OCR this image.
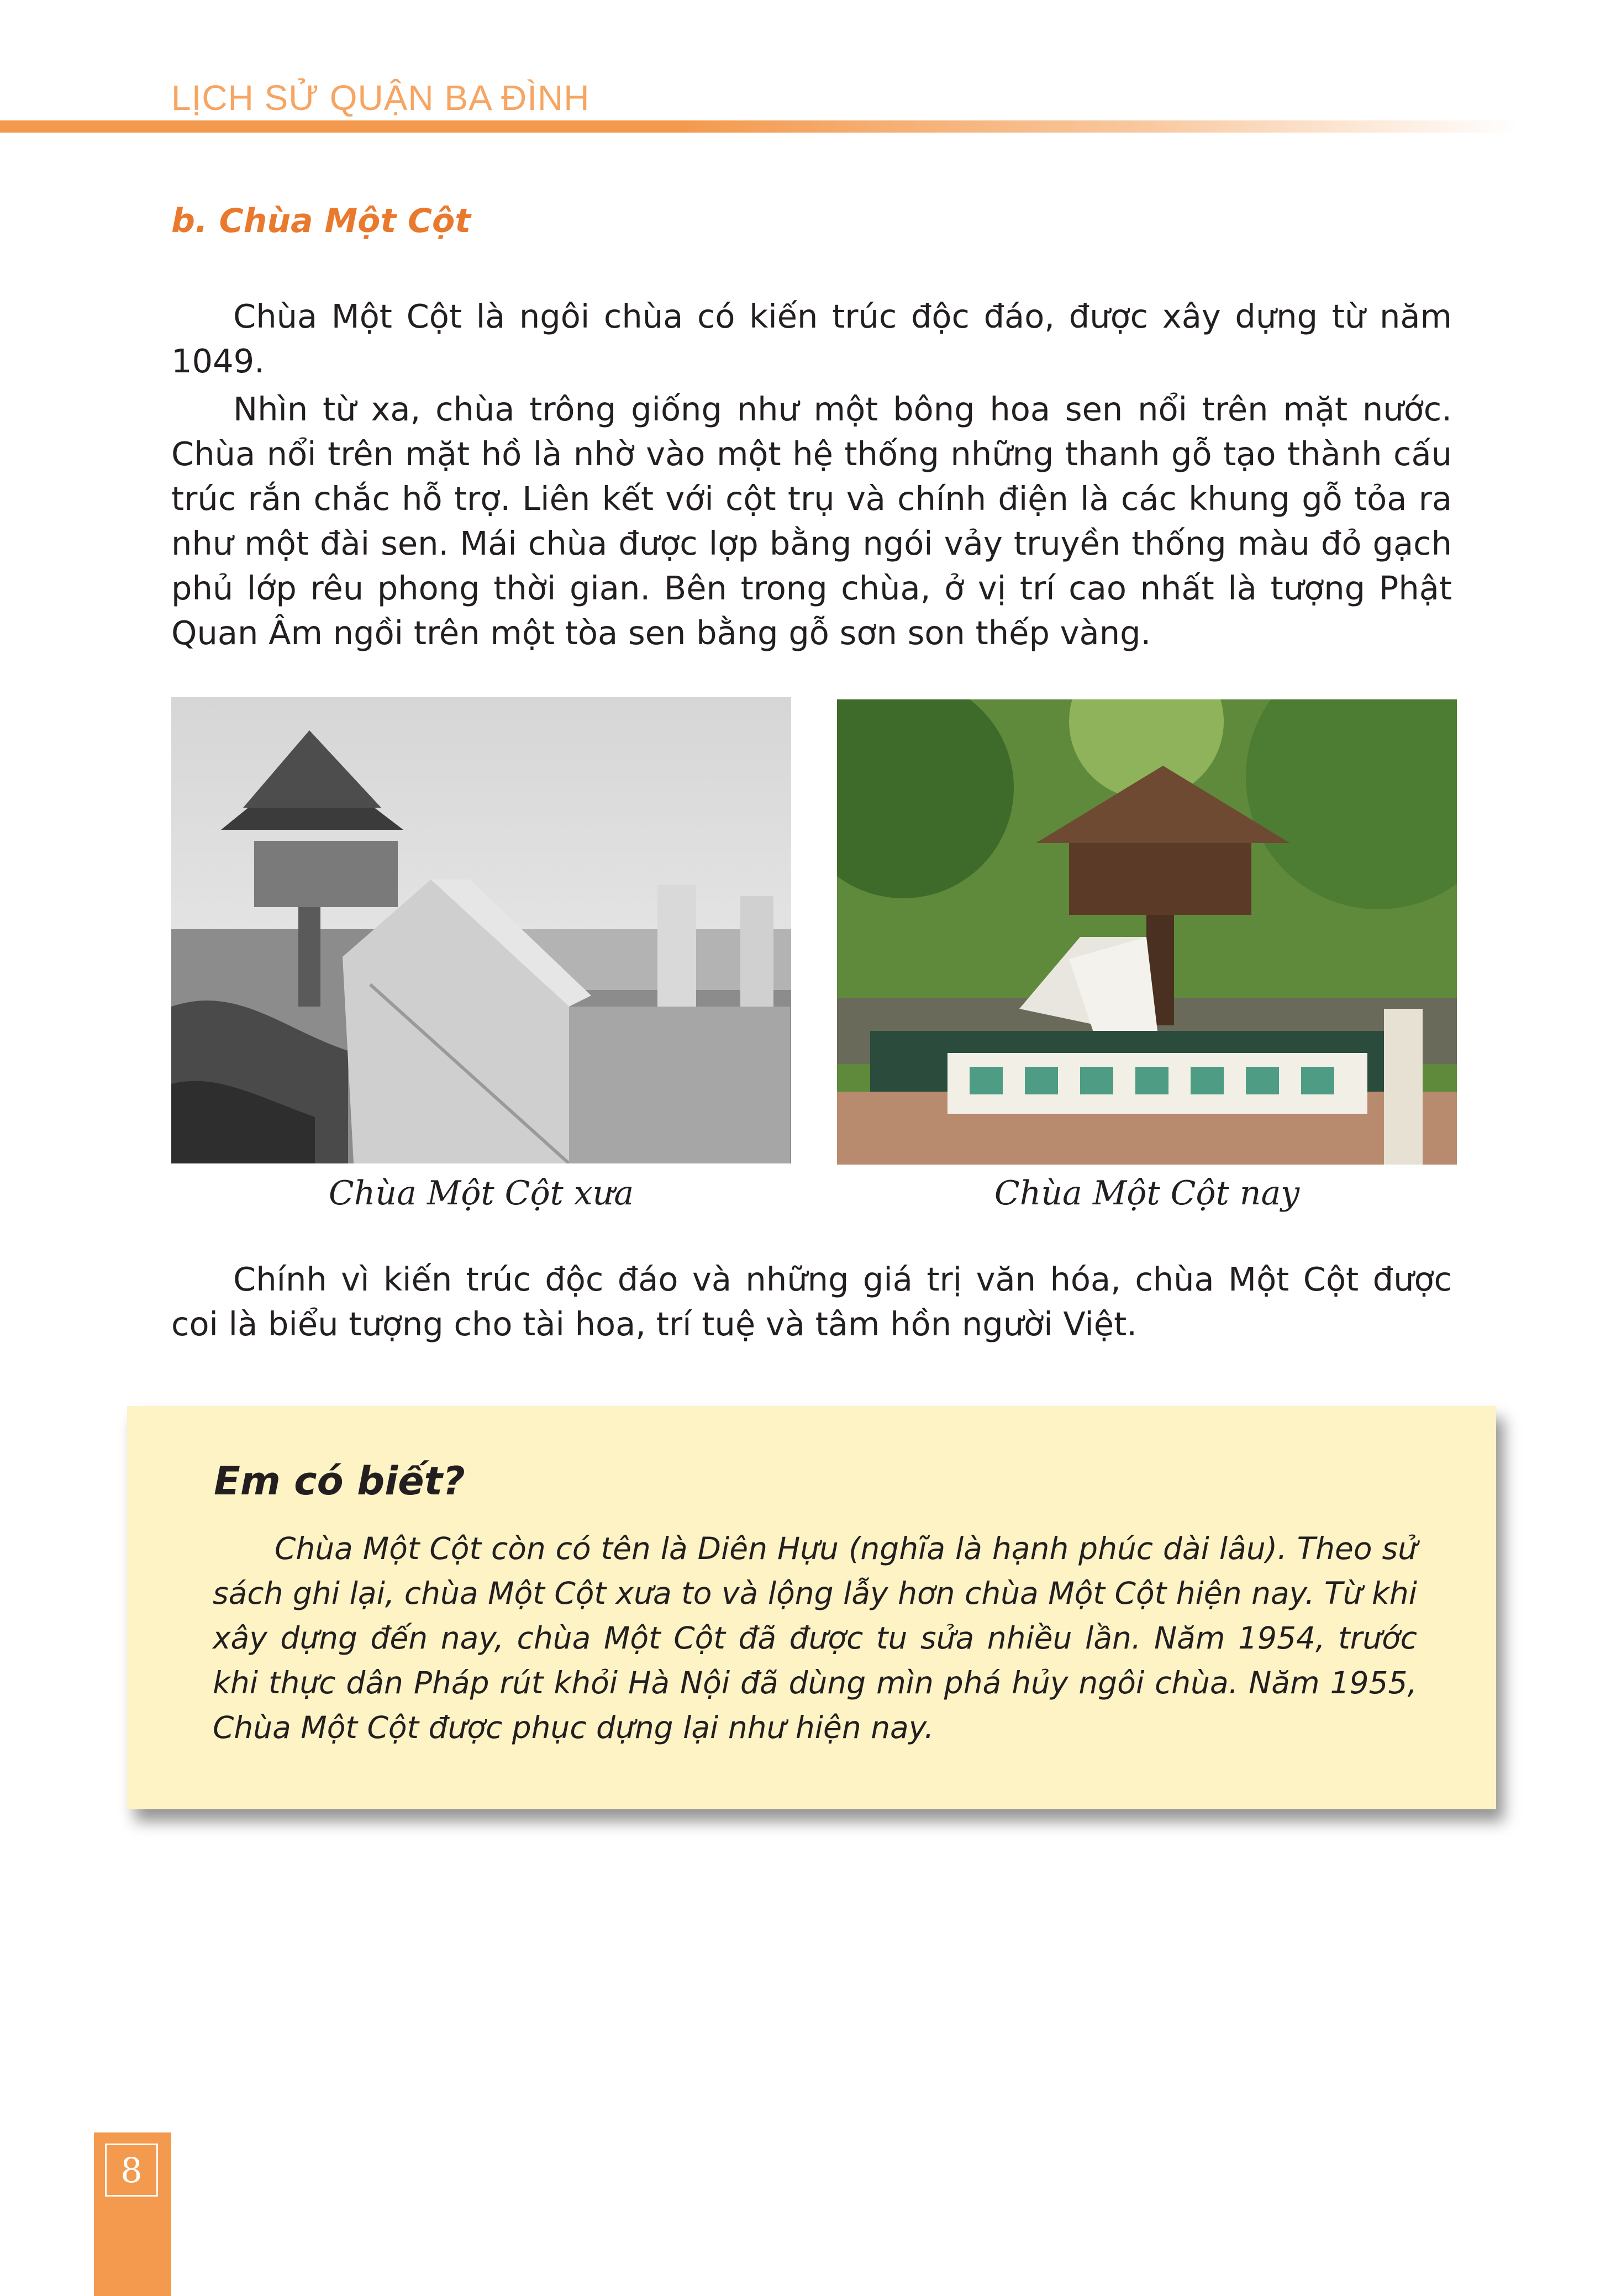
LỊCH SỬ QUẬN BA ĐÌNH
b. Chùa Một Cột

Chùa Một Cột là ngôi chùa có kiến trúc độc đáo, được xây dựng từ năm 1049.

Nhìn từ xa, chùa trông giống như một bông hoa sen nổi trên mặt nước. Chùa nổi trên mặt hồ là nhờ vào một hệ thống những thanh gỗ tạo thành cấu trúc rắn chắc hỗ trợ. Liên kết với cột trụ và chính điện là các khung gỗ tỏa ra như một đài sen. Mái chùa được lợp bằng ngói vảy truyền thống màu đỏ gạch phủ lớp rêu phong thời gian. Bên trong chùa, ở vị trí cao nhất là tượng Phật Quan Âm ngồi trên một tòa sen bằng gỗ sơn son thếp vàng.

Chùa Một Cột xưa	Chùa Một Cột nay

Chính vì kiến trúc độc đáo và những giá trị văn hóa, chùa Một Cột được coi là biểu tượng cho tài hoa, trí tuệ và tâm hồn người Việt.

Em có biết?

Chùa Một Cột còn có tên là Diên Hựu (nghĩa là hạnh phúc dài lâu). Theo sử sách ghi lại, chùa Một Cột xưa to và lộng lẫy hơn chùa Một Cột hiện nay. Từ khi xây dựng đến nay, chùa Một Cột đã được tu sửa nhiều lần. Năm 1954, trước khi thực dân Pháp rút khỏi Hà Nội đã dùng mìn phá hủy ngôi chùa. Năm 1955, Chùa Một Cột được phục dựng lại như hiện nay.

8
